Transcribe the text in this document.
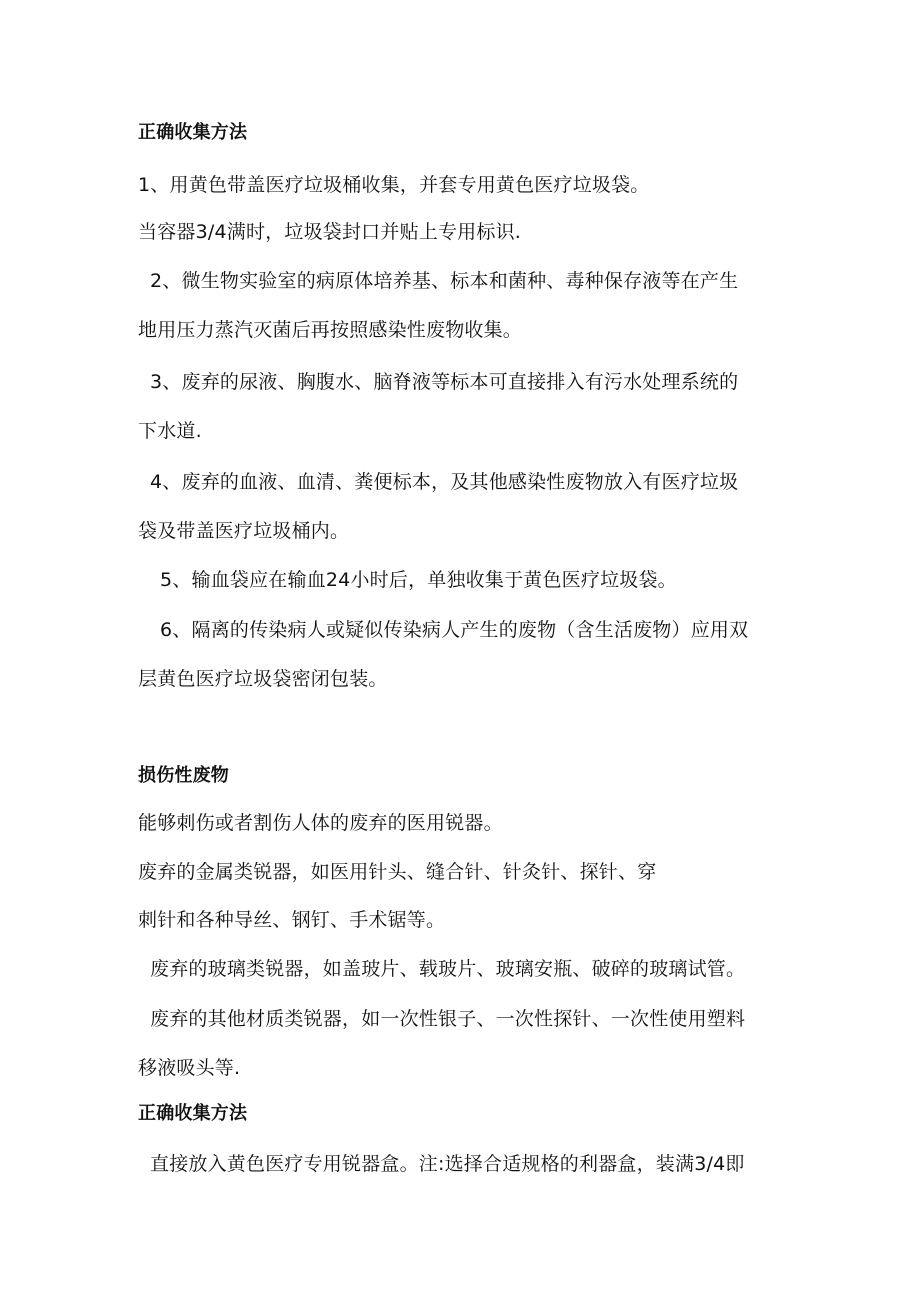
正确收集方法
1、用黄色带盖医疗垃圾桶收集，并套专用黄色医疗垃圾袋。
当容器3/4满时，垃圾袋封口并贴上专用标识.
2、微生物实验室的病原体培养基、标本和菌种、毒种保存液等在产生
地用压力蒸汽灭菌后再按照感染性废物收集。
3、废弃的尿液、胸腹水、脑脊液等标本可直接排入有污水处理系统的
下水道.
4、废弃的血液、血清、粪便标本，及其他感染性废物放入有医疗垃圾
袋及带盖医疗垃圾桶内。
5、输血袋应在输血24小时后，单独收集于黄色医疗垃圾袋。
6、隔离的传染病人或疑似传染病人产生的废物（含生活废物）应用双
层黄色医疗垃圾袋密闭包装。
损伤性废物
能够刺伤或者割伤人体的废弃的医用锐器。
废弃的金属类锐器，如医用针头、缝合针、针灸针、探针、穿
刺针和各种导丝、钢钉、手术锯等。
废弃的玻璃类锐器，如盖玻片、载玻片、玻璃安瓶、破碎的玻璃试管。
废弃的其他材质类锐器，如一次性银子、一次性探针、一次性使用塑料
移液吸头等.
正确收集方法
直接放入黄色医疗专用锐器盒。注:选择合适规格的利器盒，装满3/4即
